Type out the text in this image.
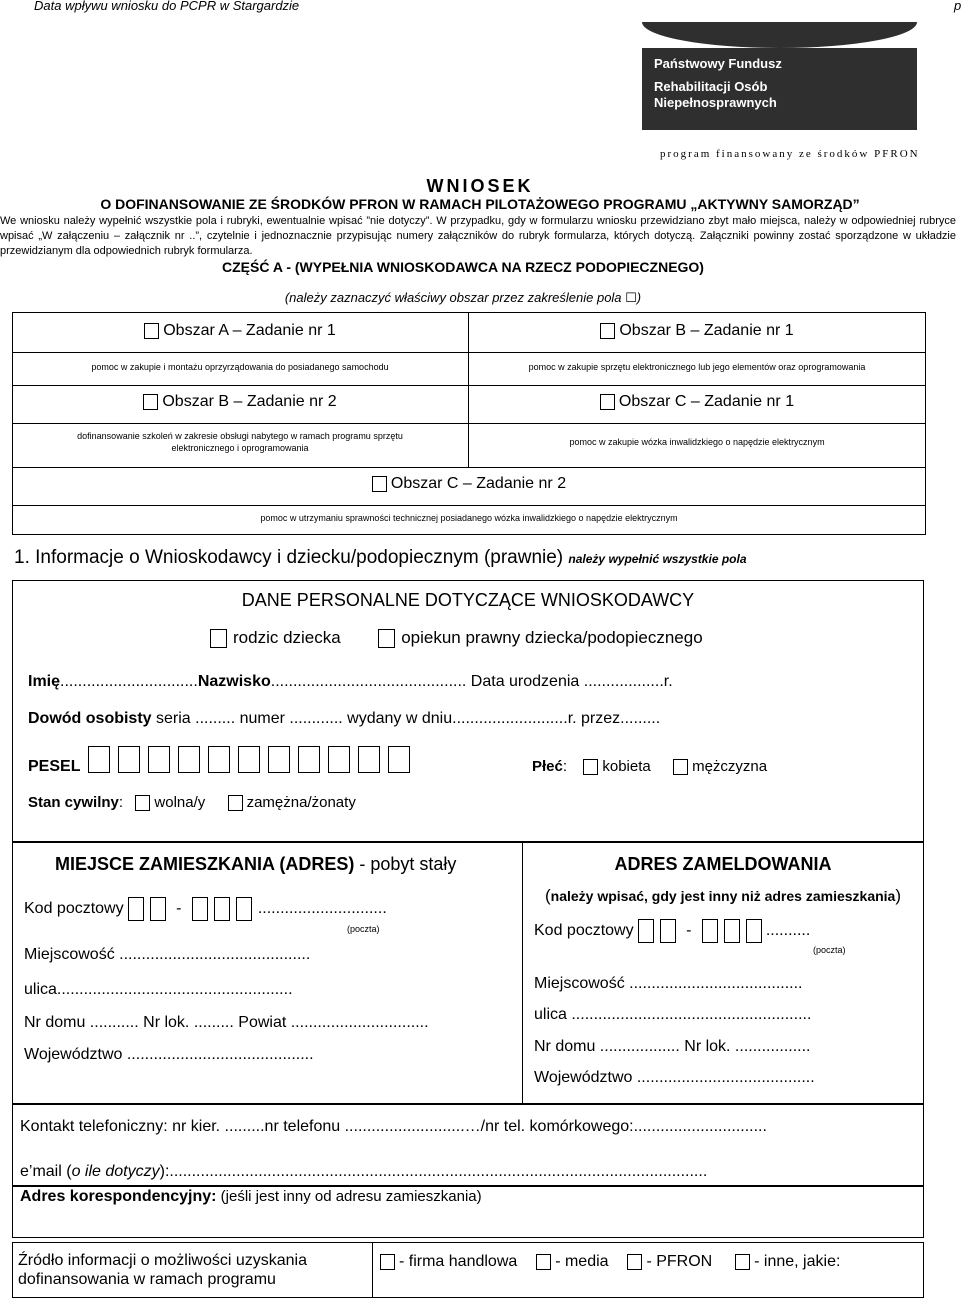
Data wpływu wniosku do PCPR w Stargardzie	p
Państwowy Fundusz
Rehabilitacji Osób
Niepełnosprawnych
program finansowany ze środków PFRON
WNIOSEK
O DOFINANSOWANIE ZE ŚRODKÓW PFRON W RAMACH PILOTAŻOWEGO PROGRAMU „AKTYWNY SAMORZĄD”
We wniosku należy wypełnić wszystkie pola i rubryki, ewentualnie wpisać ”nie dotyczy”. W przypadku, gdy w formularzu wniosku przewidziano zbyt mało miejsca, należy w odpowiedniej rubryce wpisać „W załączeniu – załącznik nr ..”, czytelnie i jednoznacznie przypisując numery załączników do rubryk formularza, których dotyczą. Załączniki powinny zostać sporządzone w układzie przewidzianym dla odpowiednich rubryk formularza.
CZĘŚĆ A - (WYPEŁNIA WNIOSKODAWCA NA RZECZ PODOPIECZNEGO)
(należy zaznaczyć właściwy obszar przez zakreślenie pola ☐)
Obszar A – Zadanie nr 1
pomoc w zakupie i montażu oprzyrządowania do posiadanego samochodu
Obszar B – Zadanie nr 1
pomoc w zakupie sprzętu elektronicznego lub jego elementów oraz oprogramowania
Obszar B – Zadanie nr 2
dofinansowanie szkoleń w zakresie obsługi nabytego w ramach programu sprzętu elektronicznego i oprogramowania
Obszar C – Zadanie nr 1
pomoc w zakupie wózka inwalidzkiego o napędzie elektrycznym
Obszar C – Zadanie nr 2
pomoc w utrzymaniu sprawności technicznej posiadanego wózka inwalidzkiego o napędzie elektrycznym
1. Informacje o Wnioskodawcy i dziecku/podopiecznym (prawnie) należy wypełnić wszystkie pola
DANE PERSONALNE DOTYCZĄCE WNIOSKODAWCY
rodzic dziecka	opiekun prawny dziecka/podopiecznego
Imię...............................Nazwisko............................................ Data urodzenia ..................r.
Dowód osobisty seria ......... numer ............ wydany w dniu..........................r. przez.........
PESEL	Płeć: kobieta	mężczyzna
Stan cywilny: wolna/y	zamężna/żonaty
MIEJSCE ZAMIESZKANIA (ADRES) - pobyt stały
Kod pocztowy	-	.............................
(poczta)
Miejscowość ...........................................
ulica.....................................................
Nr domu ........... Nr lok. ......... Powiat ...............................
Województwo ..........................................
ADRES ZAMELDOWANIA
(należy wpisać, gdy jest inny niż adres zamieszkania)
Kod pocztowy	-	..........
(poczta)
Miejscowość .......................................
ulica ......................................................
Nr domu .................. Nr lok. .................
Województwo ........................................
Kontakt telefoniczny: nr kier. .........nr telefonu ...........................…/nr tel. komórkowego:..............................
e’mail (o ile dotyczy):.........................................................................................................................
Adres korespondencyjny: (jeśli jest inny od adresu zamieszkania)
Źródło informacji o możliwości uzyskania
dofinansowania w ramach programu
- firma handlowa - media - PFRON	- inne, jakie:
